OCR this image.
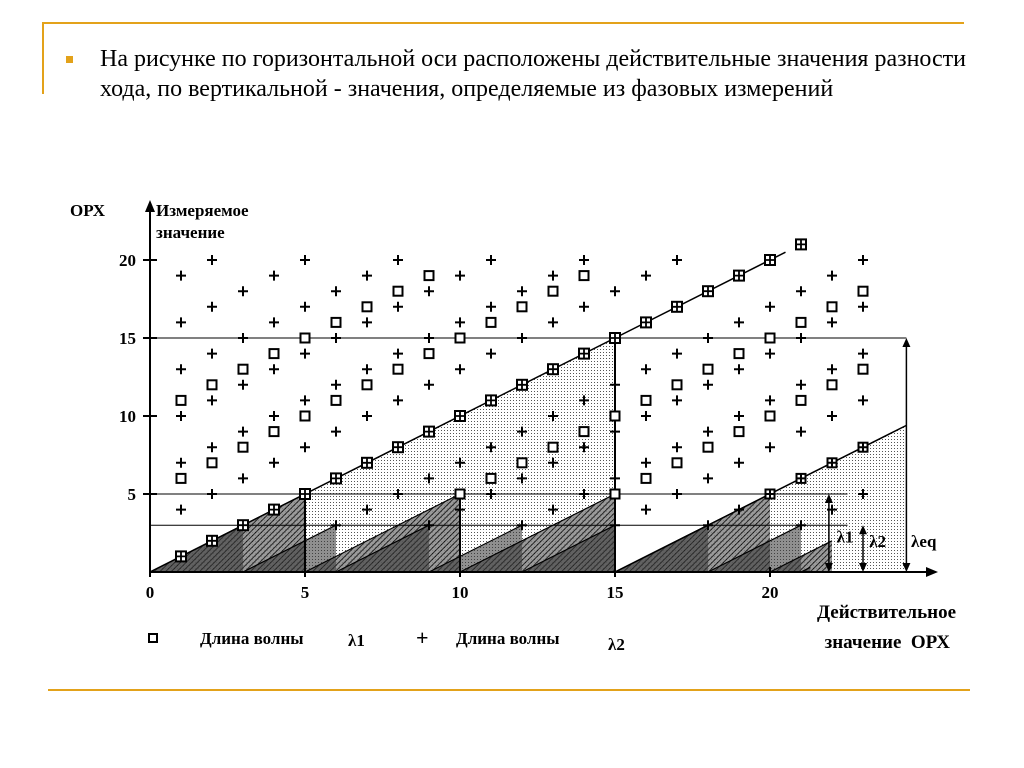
На рисунке по горизонтальной оси расположены действительные значения разности хода, по вертикальной - значения, определяемые из фазовых измерений
20
15
10
5
0	5	10	15	20
ОРХ	Измеряемое
значение
Действительное
значение  ОРХ
λ1 λ2 λeq
Длина волны	λ1 + Длина волны	λ2
